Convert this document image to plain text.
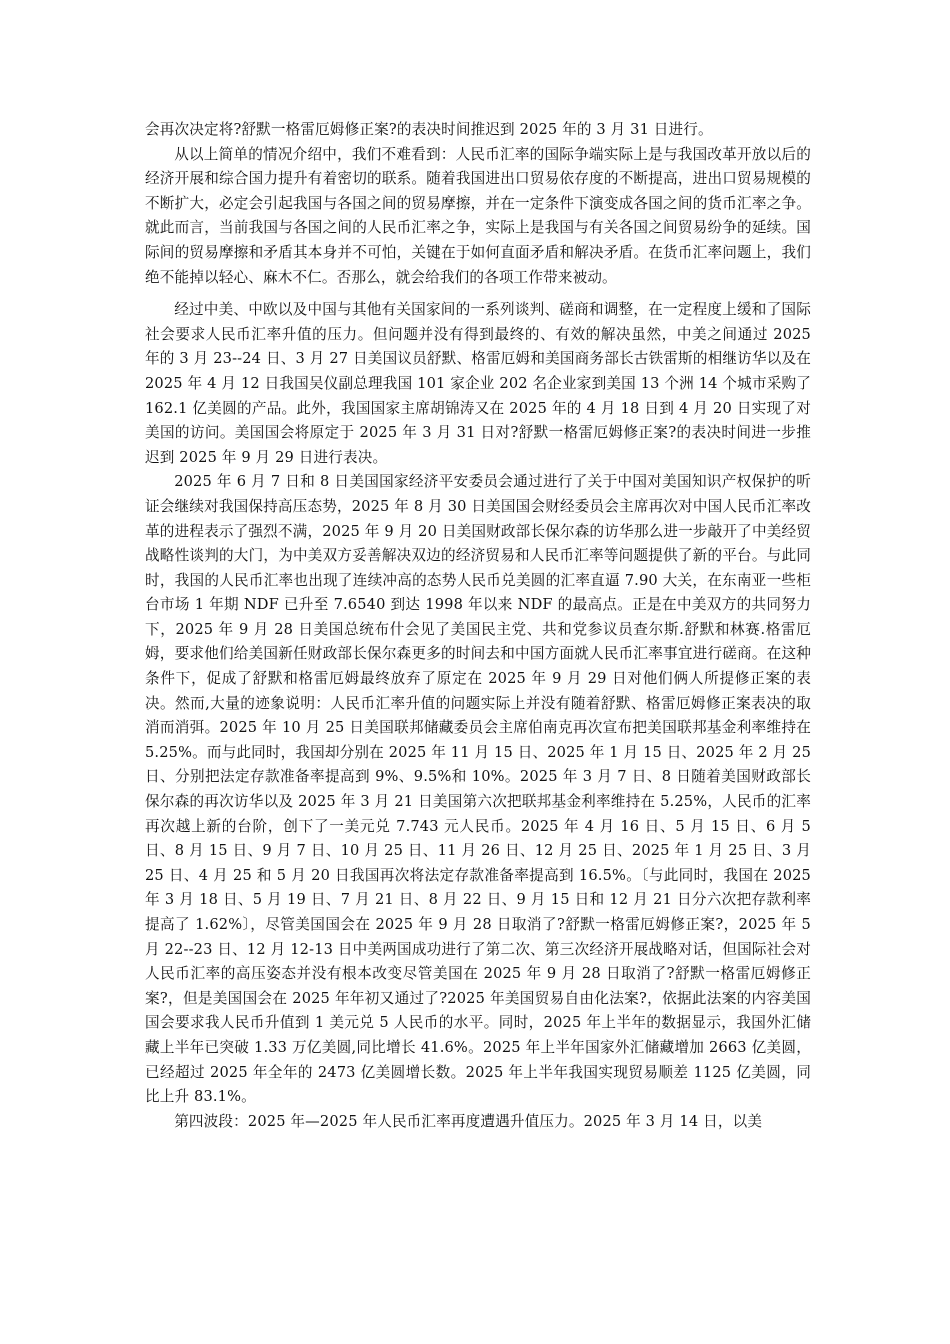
会再次决定将?舒默一格雷厄姆修正案?的表决时间推迟到 2025 年的 3 月 31 日进行。

从以上简单的情况介绍中，我们不难看到：人民币汇率的国际争端实际上是与我国改革开放以后的经济开展和综合国力提升有着密切的联系。随着我国进出口贸易依存度的不断提高，进出口贸易规模的不断扩大，必定会引起我国与各国之间的贸易摩擦，并在一定条件下演变成各国之间的货币汇率之争。就此而言，当前我国与各国之间的人民币汇率之争，实际上是我国与有关各国之间贸易纷争的延续。国际间的贸易摩擦和矛盾其本身并不可怕，关键在于如何直面矛盾和解决矛盾。在货币汇率问题上，我们绝不能掉以轻心、麻木不仁。否那么，就会给我们的各项工作带来被动。

经过中美、中欧以及中国与其他有关国家间的一系列谈判、磋商和调整，在一定程度上缓和了国际社会要求人民币汇率升值的压力。但问题并没有得到最终的、有效的解决虽然，中美之间通过 2025 年的 3 月 23--24 日、3 月 27 日美国议员舒默、格雷厄姆和美国商务部长古铁雷斯的相继访华以及在 2025 年 4 月 12 日我国吴仪副总理我国 101 家企业 202 名企业家到美国 13 个洲 14 个城市采购了 162.1 亿美圆的产品。此外，我国国家主席胡锦涛又在 2025 年的 4 月 18 日到 4 月 20 日实现了对美国的访问。美国国会将原定于 2025 年 3 月 31 日对?舒默一格雷厄姆修正案?的表决时间进一步推迟到 2025 年 9 月 29 日进行表决。

2025 年 6 月 7 日和 8 日美国国家经济平安委员会通过进行了关于中国对美国知识产权保护的听证会继续对我国保持高压态势，2025 年 8 月 30 日美国国会财经委员会主席再次对中国人民币汇率改革的进程表示了强烈不满，2025 年 9 月 20 日美国财政部长保尔森的访华那么进一步敲开了中美经贸战略性谈判的大门，为中美双方妥善解决双边的经济贸易和人民币汇率等问题提供了新的平台。与此同时，我国的人民币汇率也出现了连续冲高的态势人民币兑美圆的汇率直逼 7.90 大关，在东南亚一些柜台市场 1 年期 NDF 已升至 7.6540 到达 1998 年以来 NDF 的最高点。正是在中美双方的共同努力下，2025 年 9 月 28 日美国总统布什会见了美国民主党、共和党参议员查尔斯.舒默和林赛.格雷厄姆，要求他们给美国新任财政部长保尔森更多的时间去和中国方面就人民币汇率事宜进行磋商。在这种条件下，促成了舒默和格雷厄姆最终放弃了原定在 2025 年 9 月 29 日对他们俩人所提修正案的表决。然而,大量的迹象说明：人民币汇率升值的问题实际上并没有随着舒默、格雷厄姆修正案表决的取消而消弭。2025 年 10 月 25 日美国联邦储藏委员会主席伯南克再次宣布把美国联邦基金利率维持在 5.25%。而与此同时，我国却分别在 2025 年 11 月 15 日、2025 年 1 月 15 日、2025 年 2 月 25 日、分别把法定存款准备率提高到 9%、9.5%和 10%。2025 年 3 月 7 日、8 日随着美国财政部长保尔森的再次访华以及 2025 年 3 月 21 日美国第六次把联邦基金利率维持在 5.25%，人民币的汇率再次越上新的台阶，创下了一美元兑 7.743 元人民币。2025 年 4 月 16 日、5 月 15 日、6 月 5 日、8 月 15 日、9 月 7 日、10 月 25 日、11 月 26 日、12 月 25 日、2025 年 1 月 25 日、3 月 25 日、4 月 25 和 5 月 20 日我国再次将法定存款准备率提高到 16.5%。〔与此同时，我国在 2025 年 3 月 18 日、5 月 19 日、7 月 21 日、8 月 22 日、9 月 15 日和 12 月 21 日分六次把存款利率提高了 1.62%〕，尽管美国国会在 2025 年 9 月 28 日取消了?舒默一格雷厄姆修正案?，2025 年 5 月 22--23 日、12 月 12-13 日中美两国成功进行了第二次、第三次经济开展战略对话，但国际社会对人民币汇率的高压姿态并没有根本改变尽管美国在 2025 年 9 月 28 日取消了?舒默一格雷厄姆修正案?，但是美国国会在 2025 年年初又通过了?2025 年美国贸易自由化法案?，依据此法案的内容美国国会要求我人民币升值到 1 美元兑 5 人民币的水平。同时，2025 年上半年的数据显示，我国外汇储藏上半年已突破 1.33 万亿美圆,同比增长 41.6%。2025 年上半年国家外汇储藏增加 2663 亿美圆，已经超过 2025 年全年的 2473 亿美圆增长数。2025 年上半年我国实现贸易顺差 1125 亿美圆，同比上升 83.1%。

第四波段：2025 年—2025 年人民币汇率再度遭遇升值压力。2025 年 3 月 14 日，以美
